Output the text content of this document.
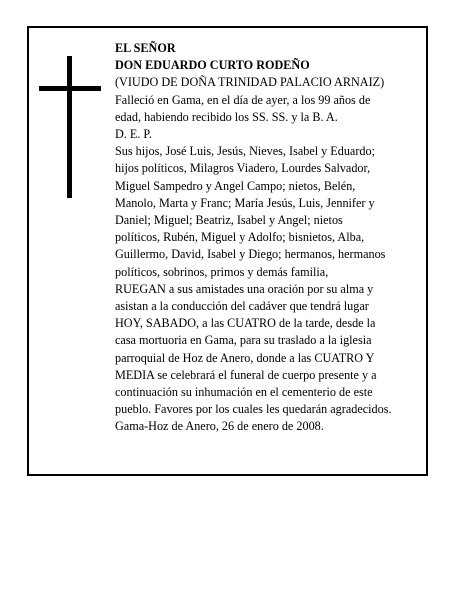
EL SEÑOR
DON EDUARDO CURTO RODEÑO
(VIUDO DE DOÑA TRINIDAD PALACIO ARNAIZ)
Falleció en Gama, en el día de ayer, a los 99 años de
edad, habiendo recibido los SS. SS. y la B. A.
D. E. P.
Sus hijos, José Luis, Jesús, Nieves, Isabel y Eduardo;
hijos políticos, Milagros Viadero, Lourdes Salvador,
Miguel Sampedro y Angel Campo; nietos, Belén,
Manolo, Marta y Franc; María Jesús, Luis, Jennifer y
Daniel; Miguel; Beatriz, Isabel y Angel; nietos
políticos, Rubén, Miguel y Adolfo; bisnietos, Alba,
Guillermo, David, Isabel y Diego; hermanos, hermanos
políticos, sobrinos, primos y demás familia,
RUEGAN a sus amistades una oración por su alma y
asistan a la conducción del cadáver que tendrá lugar
HOY, SABADO, a las CUATRO de la tarde, desde la
casa mortuoria en Gama, para su traslado a la iglesia
parroquial de Hoz de Anero, donde a las CUATRO Y
MEDIA se celebrará el funeral de cuerpo presente y a
continuación su inhumación en el cementerio de este
pueblo. Favores por los cuales les quedarán agradecidos.
Gama-Hoz de Anero, 26 de enero de 2008.
